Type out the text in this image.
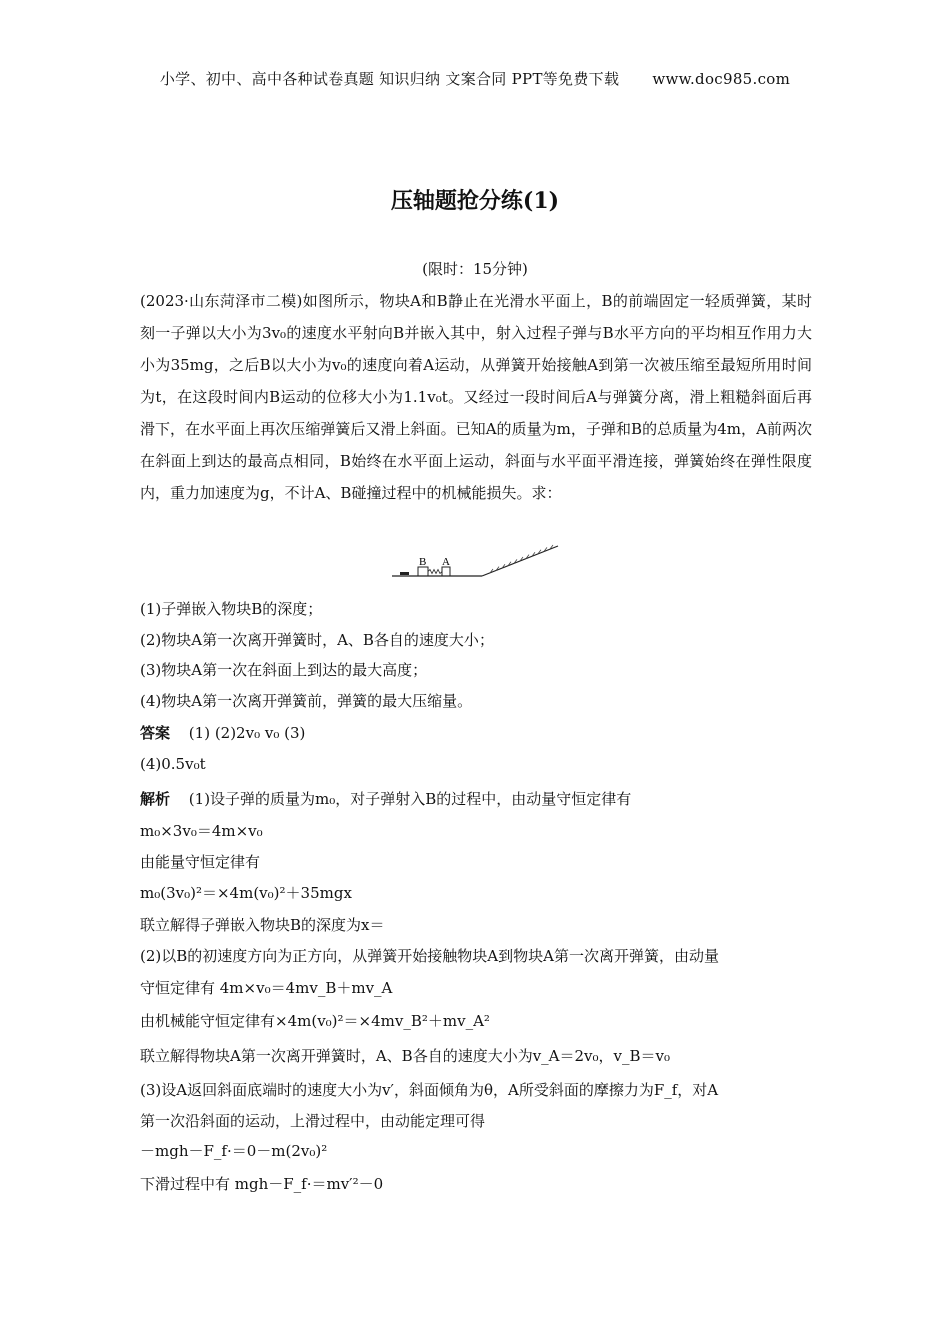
小学、初中、高中各种试卷真题 知识归纳 文案合同 PPT等免费下载 www.doc985.com
压轴题抢分练(1)
(限时：15分钟)
(2023·山东菏泽市二模)如图所示，物块A和B静止在光滑水平面上，B的前端固定一轻质弹簧，某时刻一子弹以大小为3v₀的速度水平射向B并嵌入其中，射入过程子弹与B水平方向的平均相互作用力大小为35mg，之后B以大小为v₀的速度向着A运动，从弹簧开始接触A到第一次被压缩至最短所用时间为t，在这段时间内B运动的位移大小为1.1v₀t。又经过一段时间后A与弹簧分离，滑上粗糙斜面后再滑下，在水平面上再次压缩弹簧后又滑上斜面。已知A的质量为m，子弹和B的总质量为4m，A前两次在斜面上到达的最高点相同，B始终在水平面上运动，斜面与水平面平滑连接，弹簧始终在弹性限度内，重力加速度为g，不计A、B碰撞过程中的机械能损失。求：
B A
(1)子弹嵌入物块B的深度；
(2)物块A第一次离开弹簧时，A、B各自的速度大小；
(3)物块A第一次在斜面上到达的最大高度；
(4)物块A第一次离开弹簧前，弹簧的最大压缩量。
答案 (1) (2)2v₀ v₀ (3)
(4)0.5v₀t
解析 (1)设子弹的质量为m₀，对子弹射入B的过程中，由动量守恒定律有
m₀×3v₀＝4m×v₀
由能量守恒定律有
m₀(3v₀)²＝×4m(v₀)²＋35mgx
联立解得子弹嵌入物块B的深度为x＝
(2)以B的初速度方向为正方向，从弹簧开始接触物块A到物块A第一次离开弹簧，由动量
守恒定律有 4m×v₀＝4mv_B＋mv_A
由机械能守恒定律有×4m(v₀)²＝×4mv_B²＋mv_A²
联立解得物块A第一次离开弹簧时，A、B各自的速度大小为v_A＝2v₀，v_B＝v₀
(3)设A返回斜面底端时的速度大小为v′，斜面倾角为θ，A所受斜面的摩擦力为F_f，对A
第一次沿斜面的运动，上滑过程中，由动能定理可得
－mgh－F_f·＝0－m(2v₀)²
下滑过程中有 mgh－F_f·＝mv′²－0
